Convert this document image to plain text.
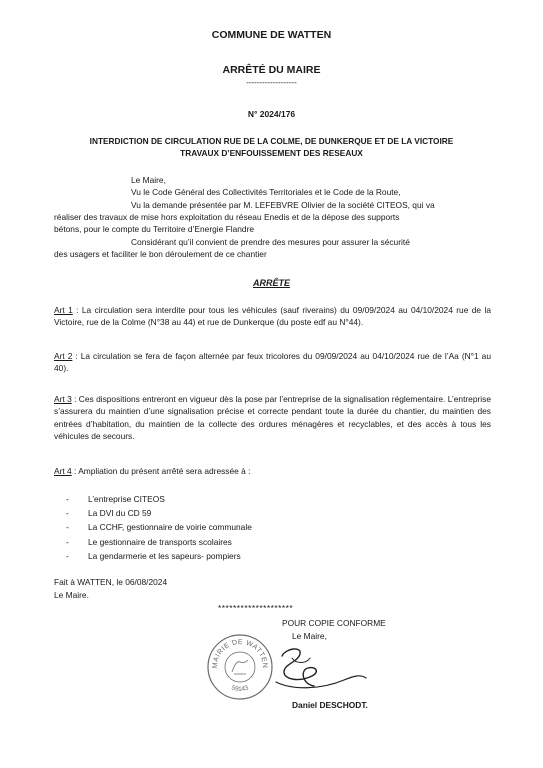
COMMUNE DE WATTEN
ARRÊTÉ DU MAIRE
-------------------
N° 2024/176
INTERDICTION DE CIRCULATION RUE DE LA COLME, DE DUNKERQUE ET DE LA VICTOIRE
TRAVAUX D’ENFOUISSEMENT DES RESEAUX
Le Maire,
Vu le Code Général des Collectivités Territoriales et le Code de la Route,
Vu la demande présentée par M. LEFEBVRE Olivier de la société CITEOS, qui va
réaliser des travaux de mise hors exploitation du réseau Enedis et de la dépose des supports
bétons, pour le compte du Territoire d’Energie Flandre
Considérant qu’il convient de prendre des mesures pour assurer la sécurité
des usagers et faciliter le bon déroulement de ce chantier
ARRÊTE
Art 1 : La circulation sera interdite pour tous les véhicules (sauf riverains) du 09/09/2024 au 04/10/2024 rue de la Victoire, rue de la Colme (N°38 au 44) et rue de Dunkerque (du poste edf au N°44).
Art 2 : La circulation se fera de façon alternée par feux tricolores du 09/09/2024 au 04/10/2024 rue de l’Aa (N°1 au 40).
Art 3 : Ces dispositions entreront en vigueur dès la pose par l’entreprise de la signalisation réglementaire. L’entreprise s’assurera du maintien d’une signalisation précise et correcte pendant toute la durée du chantier, du maintien des entrées d’habitation, du maintien de la collecte des ordures ménagères et recyclables, et des accès à tous les véhicules de secours.
Art 4 : Ampliation du présent arrêté sera adressée à :
- L’entreprise CITEOS
- La DVI du CD 59
- La CCHF, gestionnaire de voirie communale
- Le gestionnaire de transports scolaires
- La gendarmerie et les sapeurs- pompiers
Fait à WATTEN, le 06/08/2024
Le Maire.
********************
POUR COPIE CONFORME
Le Maire,
Daniel DESCHODT.
MAIRIE DE WATTEN
59143
